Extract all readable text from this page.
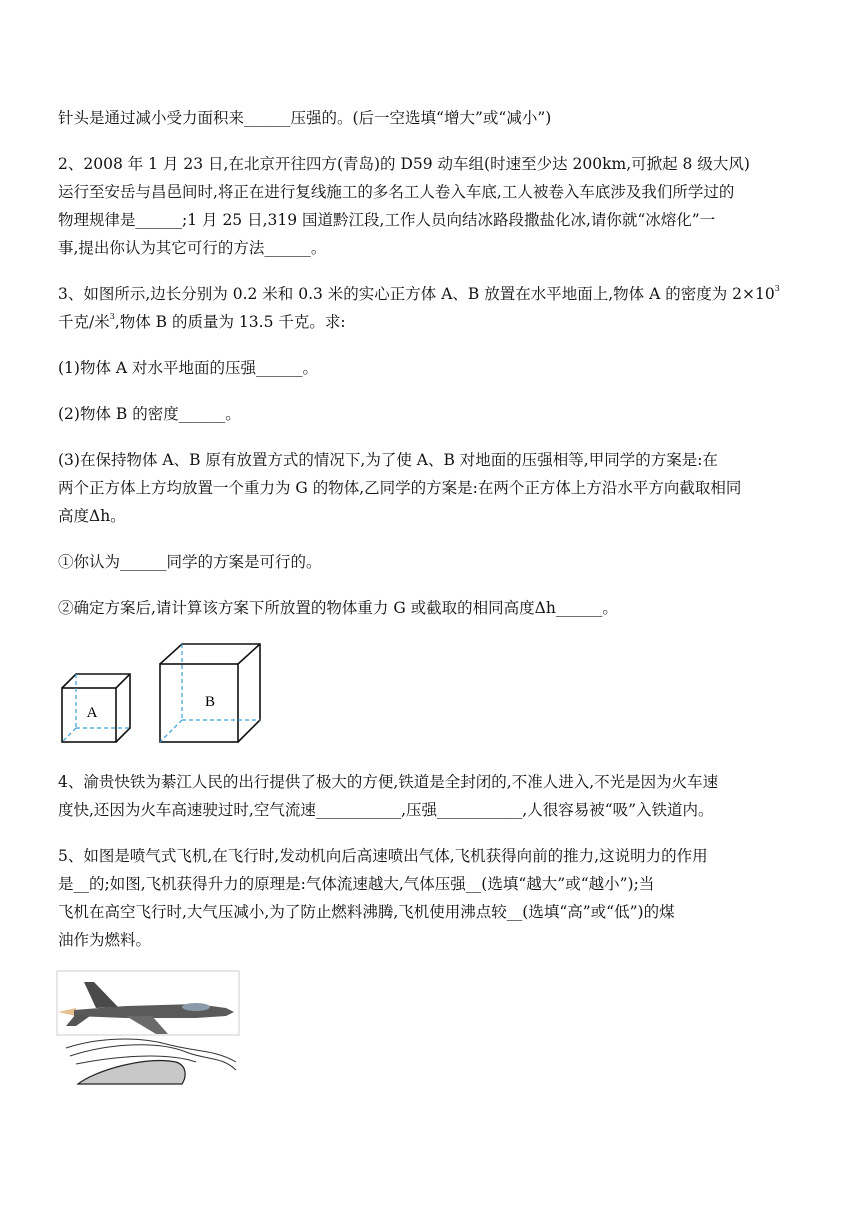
针头是通过减小受力面积来______压强的。(后一空选填“增大”或“减小”)
2、2008 年 1 月 23 日,在北京开往四方(青岛)的 D59 动车组(时速至少达 200km,可掀起 8 级大风)
运行至安岳与昌邑间时,将正在进行复线施工的多名工人卷入车底,工人被卷入车底涉及我们所学过的
物理规律是______;1 月 25 日,319 国道黔江段,工作人员向结冰路段撒盐化冰,请你就“冰熔化”一
事,提出你认为其它可行的方法______。
3、如图所示,边长分别为 0.2 米和 0.3 米的实心正方体 A、B 放置在水平地面上,物体 A 的密度为 $2\times 10^3$
千克/米$^3$,物体 B 的质量为 13.5 千克。求:
(1)物体 A 对水平地面的压强______。
(2)物体 B 的密度______。
(3)在保持物体 A、B 原有放置方式的情况下,为了使 A、B 对地面的压强相等,甲同学的方案是:在
两个正方体上方均放置一个重力为 G 的物体,乙同学的方案是:在两个正方体上方沿水平方向截取相同
高度Δh。
①你认为______同学的方案是可行的。
②确定方案后,请计算该方案下所放置的物体重力 G 或截取的相同高度Δh______。
A
B
4、渝贵快铁为綦江人民的出行提供了极大的方便,铁道是全封闭的,不准人进入,不光是因为火车速
度快,还因为火车高速驶过时,空气流速___________,压强___________,人很容易被“吸”入铁道内。
5、如图是喷气式飞机,在飞行时,发动机向后高速喷出气体,飞机获得向前的推力,这说明力的作用
是__的;如图,飞机获得升力的原理是:气体流速越大,气体压强__(选填“越大”或“越小”);当
飞机在高空飞行时,大气压减小,为了防止燃料沸腾,飞机使用沸点较__(选填“高”或“低”)的煤
油作为燃料。
